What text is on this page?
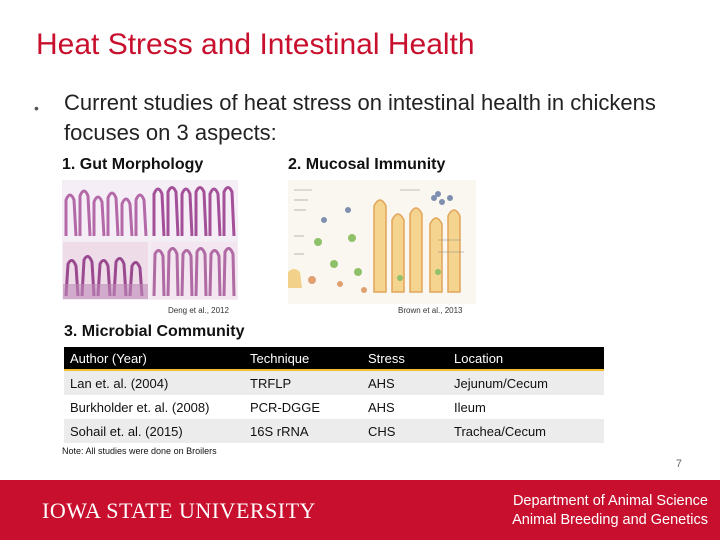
Heat Stress and Intestinal Health
• Current studies of heat stress on intestinal health in chickens focuses on 3 aspects:
1. Gut Morphology	2. Mucosal Immunity
Deng et al., 2012	Brown et al., 2013
3. Microbial Community
Author (Year)	Technique	Stress	Location
Lan et. al. (2004)	TRFLP	AHS	Jejunum/Cecum
Burkholder et. al. (2008)	PCR-DGGE	AHS	Ileum
Sohail et. al. (2015)	16S rRNA	CHS	Trachea/Cecum
Note: All studies were done on Broilers
7
IOWA STATE UNIVERSITY	Department of Animal Science
Animal Breeding and Genetics
